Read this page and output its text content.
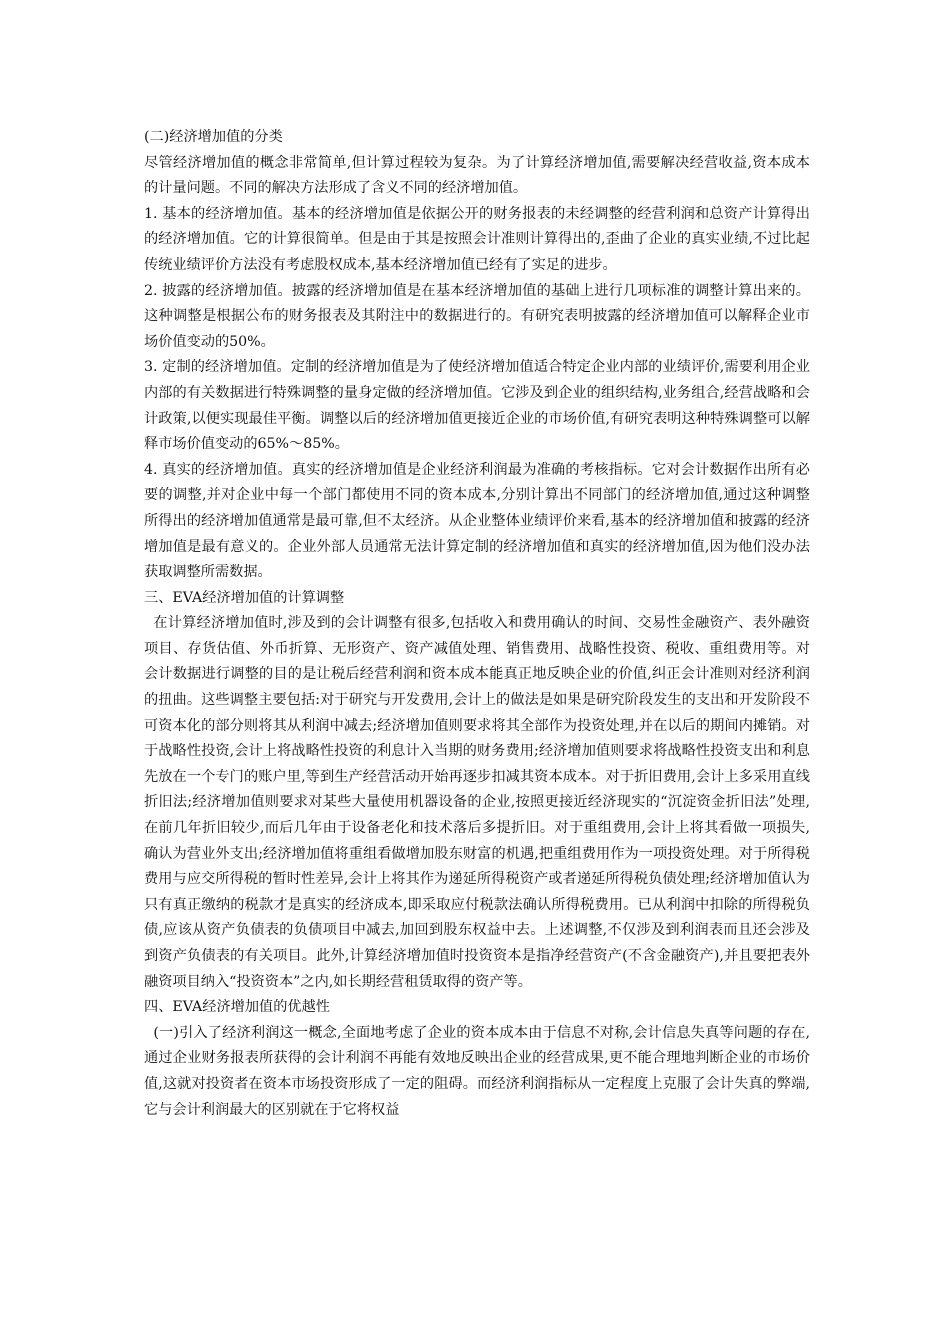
(二)经济增加值的分类

尽管经济增加值的概念非常简单,但计算过程较为复杂。为了计算经济增加值,需要解决经营收益,资本成本的计量问题。不同的解决方法形成了含义不同的经济增加值。

1. 基本的经济增加值。基本的经济增加值是依据公开的财务报表的未经调整的经营利润和总资产计算得出的经济增加值。它的计算很简单。但是由于其是按照会计准则计算得出的,歪曲了企业的真实业绩,不过比起传统业绩评价方法没有考虑股权成本,基本经济增加值已经有了实足的进步。

2. 披露的经济增加值。披露的经济增加值是在基本经济增加值的基础上进行几项标准的调整计算出来的。这种调整是根据公布的财务报表及其附注中的数据进行的。有研究表明披露的经济增加值可以解释企业市场价值变动的50%。

3. 定制的经济增加值。定制的经济增加值是为了使经济增加值适合特定企业内部的业绩评价,需要利用企业内部的有关数据进行特殊调整的量身定做的经济增加值。它涉及到企业的组织结构,业务组合,经营战略和会计政策,以便实现最佳平衡。调整以后的经济增加值更接近企业的市场价值,有研究表明这种特殊调整可以解释市场价值变动的65%～85%。

4. 真实的经济增加值。真实的经济增加值是企业经济利润最为准确的考核指标。它对会计数据作出所有必要的调整,并对企业中每一个部门都使用不同的资本成本,分别计算出不同部门的经济增加值,通过这种调整所得出的经济增加值通常是最可靠,但不太经济。从企业整体业绩评价来看,基本的经济增加值和披露的经济增加值是最有意义的。企业外部人员通常无法计算定制的经济增加值和真实的经济增加值,因为他们没办法获取调整所需数据。

三、EVA经济增加值的计算调整

在计算经济增加值时,涉及到的会计调整有很多,包括收入和费用确认的时间、交易性金融资产、表外融资项目、存货估值、外币折算、无形资产、资产减值处理、销售费用、战略性投资、税收、重组费用等。对会计数据进行调整的目的是让税后经营利润和资本成本能真正地反映企业的价值,纠正会计准则对经济利润的扭曲。这些调整主要包括:对于研究与开发费用,会计上的做法是如果是研究阶段发生的支出和开发阶段不可资本化的部分则将其从利润中减去;经济增加值则要求将其全部作为投资处理,并在以后的期间内摊销。对于战略性投资,会计上将战略性投资的利息计入当期的财务费用;经济增加值则要求将战略性投资支出和利息先放在一个专门的账户里,等到生产经营活动开始再逐步扣减其资本成本。对于折旧费用,会计上多采用直线折旧法;经济增加值则要求对某些大量使用机器设备的企业,按照更接近经济现实的“沉淀资金折旧法”处理,在前几年折旧较少,而后几年由于设备老化和技术落后多提折旧。对于重组费用,会计上将其看做一项损失,确认为营业外支出;经济增加值将重组看做增加股东财富的机遇,把重组费用作为一项投资处理。对于所得税费用与应交所得税的暂时性差异,会计上将其作为递延所得税资产或者递延所得税负债处理;经济增加值认为只有真正缴纳的税款才是真实的经济成本,即采取应付税款法确认所得税费用。已从利润中扣除的所得税负债,应该从资产负债表的负债项目中减去,加回到股东权益中去。上述调整,不仅涉及到利润表而且还会涉及到资产负债表的有关项目。此外,计算经济增加值时投资资本是指净经营资产(不含金融资产),并且要把表外融资项目纳入“投资资本”之内,如长期经营租赁取得的资产等。

四、EVA经济增加值的优越性

(一)引入了经济利润这一概念,全面地考虑了企业的资本成本由于信息不对称,会计信息失真等问题的存在,通过企业财务报表所获得的会计利润不再能有效地反映出企业的经营成果,更不能合理地判断企业的市场价值,这就对投资者在资本市场投资形成了一定的阻碍。而经济利润指标从一定程度上克服了会计失真的弊端,它与会计利润最大的区别就在于它将权益
